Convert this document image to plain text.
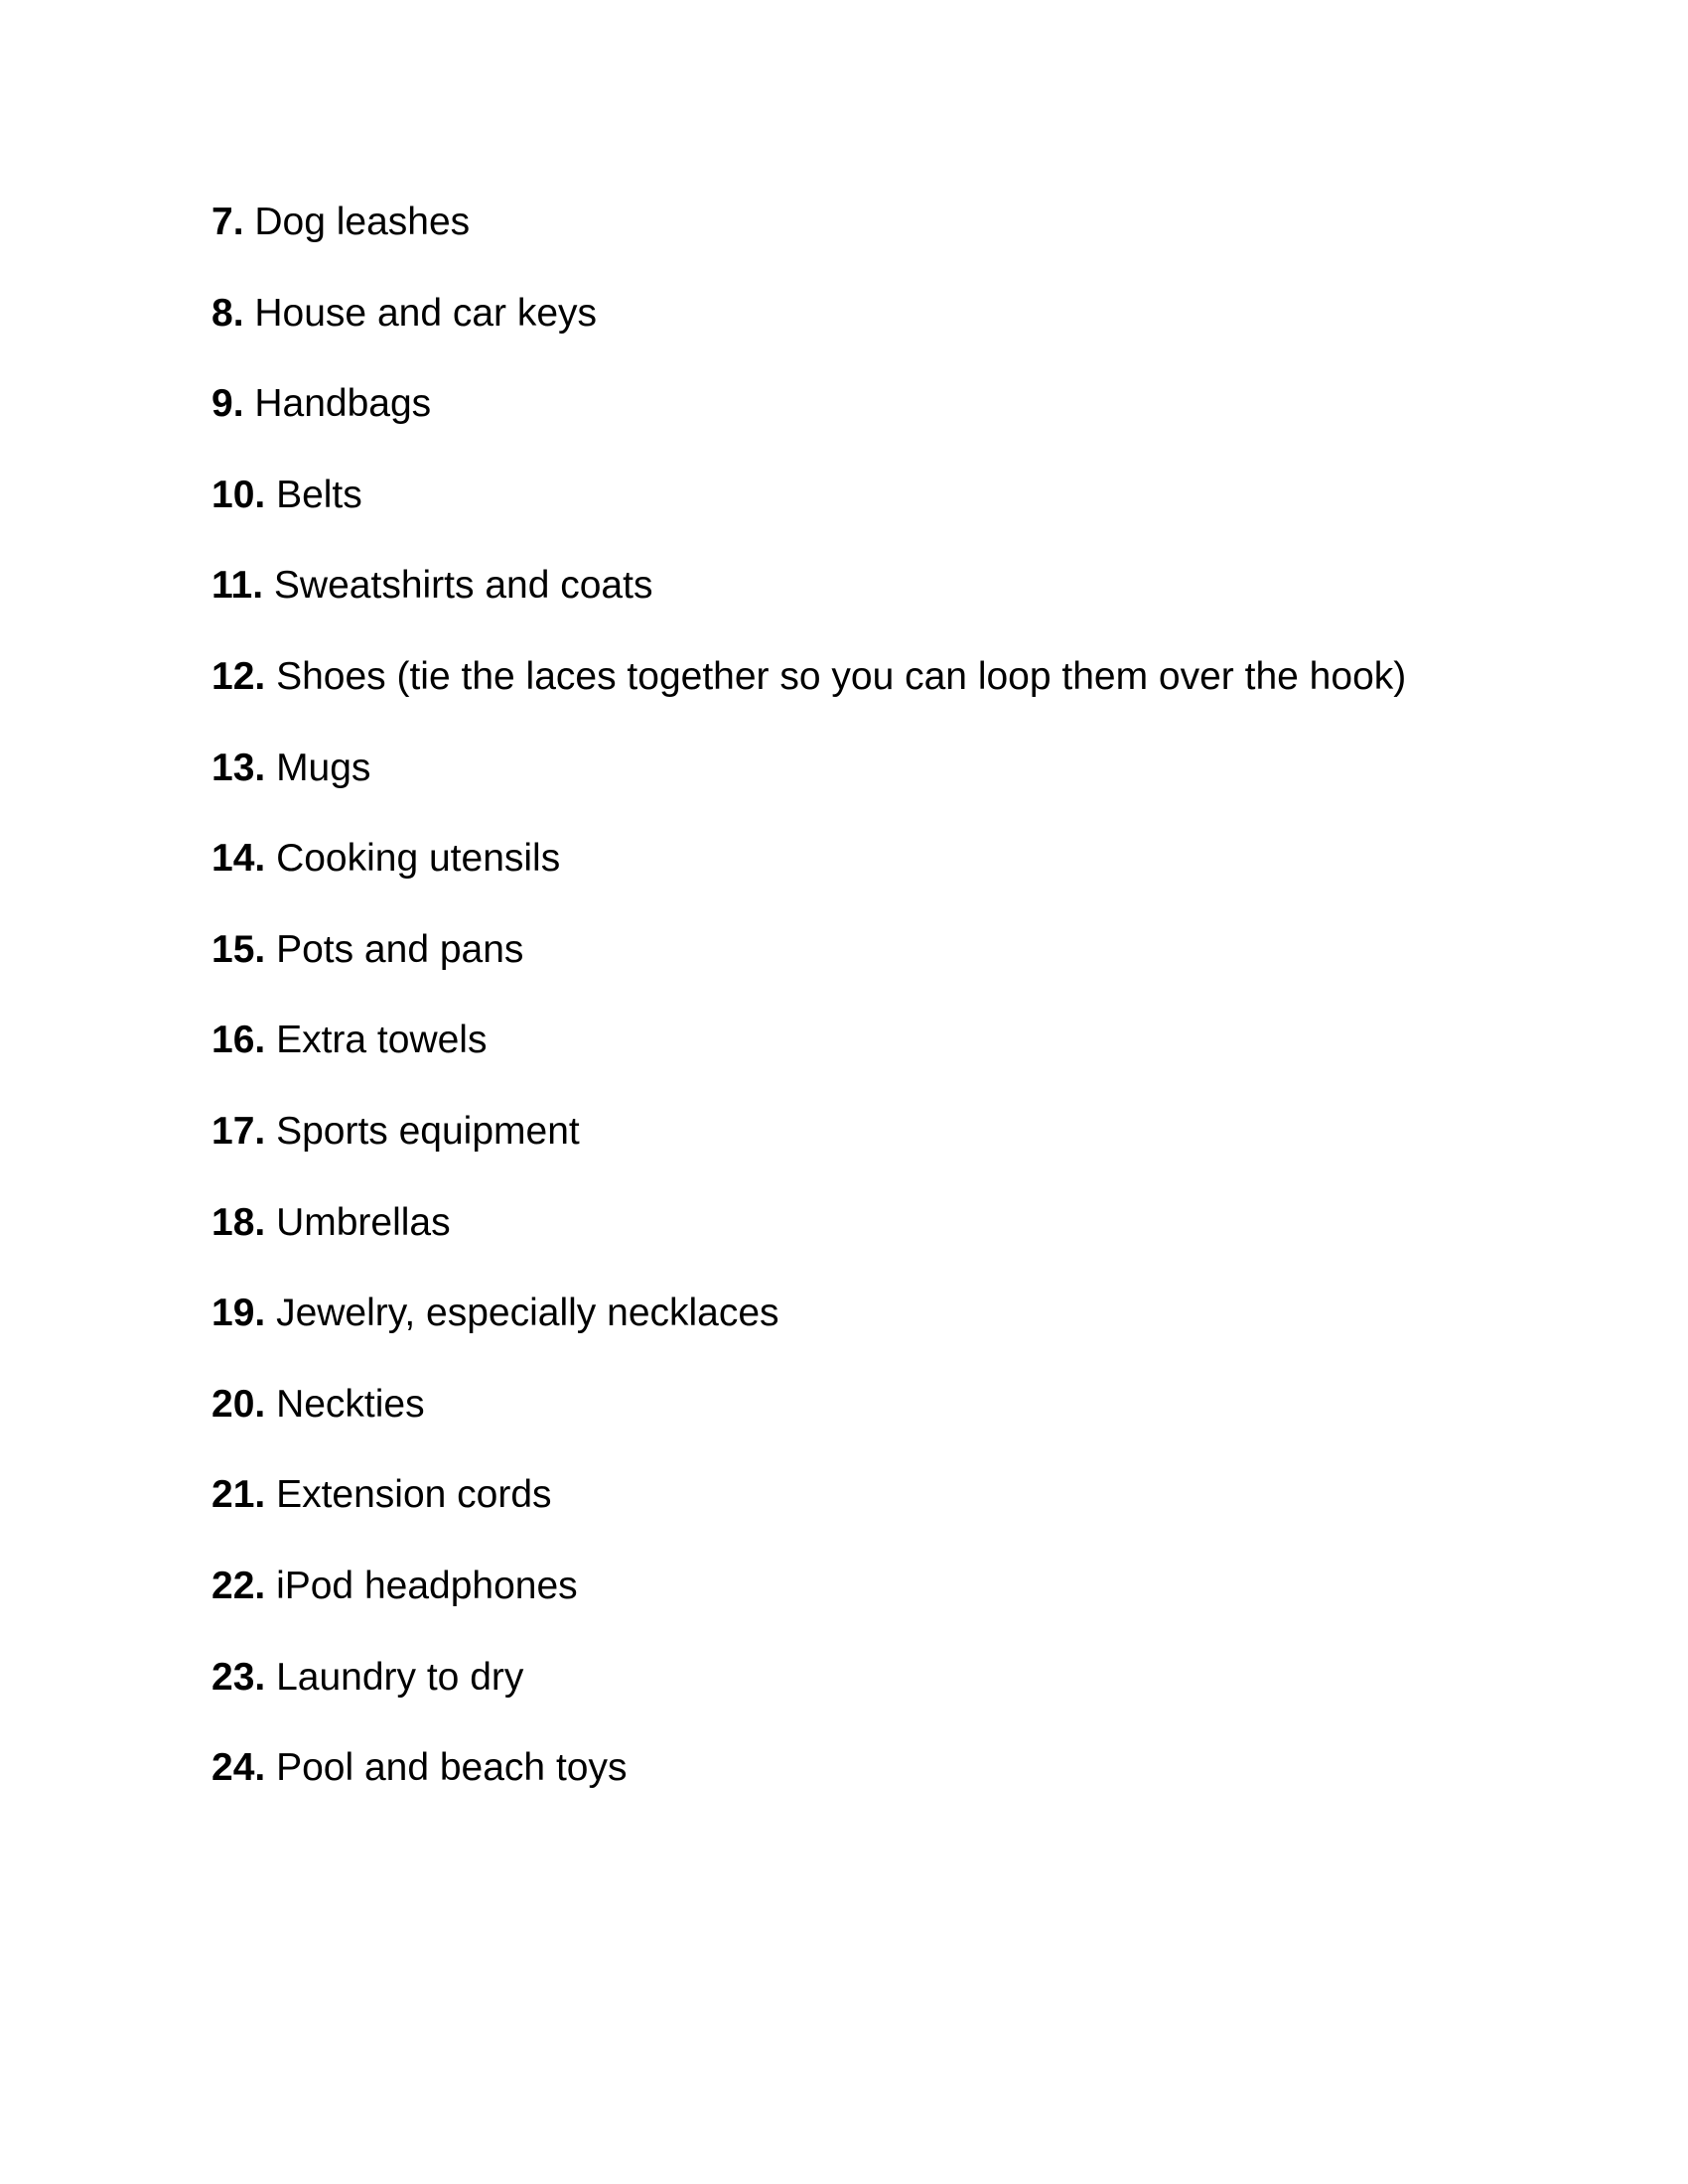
7. Dog leashes
8. House and car keys
9. Handbags
10. Belts
11. Sweatshirts and coats
12. Shoes (tie the laces together so you can loop them over the hook)
13. Mugs
14. Cooking utensils
15. Pots and pans
16. Extra towels
17. Sports equipment
18. Umbrellas
19. Jewelry, especially necklaces
20. Neckties
21. Extension cords
22. iPod headphones
23. Laundry to dry
24. Pool and beach toys
